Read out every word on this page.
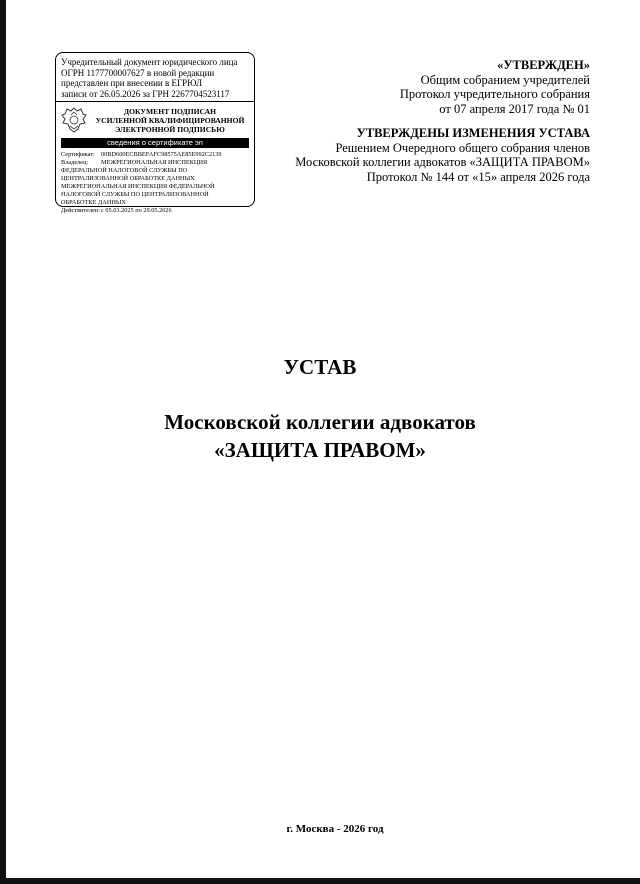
Учредительный документ юридического лица
ОГРН 1177700007627 в новой редакции
представлен при внесении в ЕГРЮЛ
записи от 26.05.2026 за ГРН 2267704523117
ДОКУМЕНТ ПОДПИСАН
УСИЛЕННОЙ КВАЛИФИЦИРОВАННОЙ
ЭЛЕКТРОННОЙ ПОДПИСЬЮ
сведения о сертификате эп
Сертификат: 00BD600ECBBEFAFC98575AE85E992C2139
Владелец: МЕЖРЕГИОНАЛЬНАЯ ИНСПЕКЦИЯ
ФЕДЕРАЛЬНОЙ НАЛОГОВОЙ СЛУЖБЫ ПО
ЦЕНТРАЛИЗОВАННОЙ ОБРАБОТКЕ ДАННЫХ
МЕЖРЕГИОНАЛЬНАЯ ИНСПЕКЦИЯ ФЕДЕРАЛЬНОЙ
НАЛОГОВОЙ СЛУЖБЫ ПО ЦЕНТРАЛИЗОВАННОЙ
ОБРАБОТКЕ ДАННЫХ
Действителен:с 05.03.2025 по 29.05.2026
«УТВЕРЖДЕН»
Общим собранием учредителей
Протокол учредительного собрания
от 07 апреля 2017 года № 01
УТВЕРЖДЕНЫ ИЗМЕНЕНИЯ УСТАВА
Решением Очередного общего собрания членов
Московской коллегии адвокатов «ЗАЩИТА ПРАВОМ»
Протокол № 144 от «15» апреля 2026 года
УСТАВ
Московской коллегии адвокатов
«ЗАЩИТА ПРАВОМ»
г. Москва - 2026 год
